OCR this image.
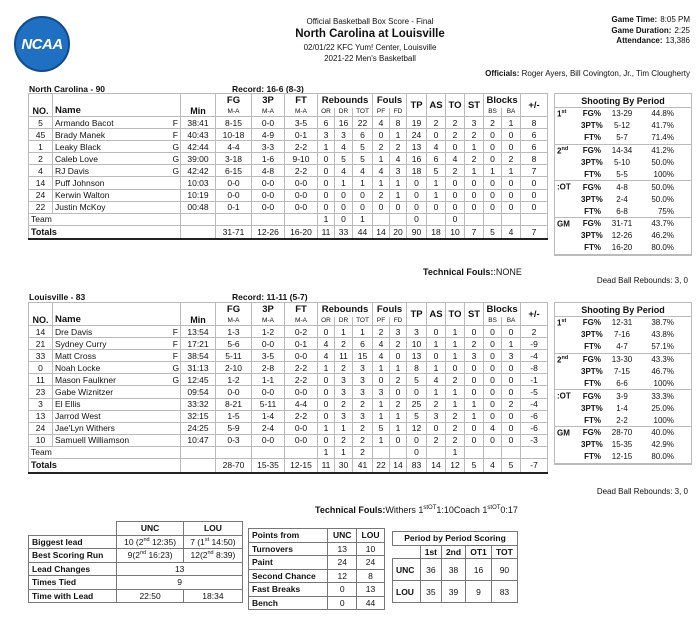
NCAA
Official Basketball Box Score - Final
North Carolina at Louisville
02/01/22 KFC Yum! Center, Louisville
2021-22 Men's Basketball
Game Time: 8:05 PM
Game Duration: 2:25
Attendance: 13,386
Officials: Roger Ayers, Bill Covington, Jr., Tim Clougherty
North Carolina - 90	Record: 16-6 (8-3)
NO.	Name		Min	FG	3P	FT	Rebounds			Fouls		TP	AS	TO	ST	Blocks		+/-
				M-A	M-A	M-A	OR	DR	TOT	PF	FD					BS	BA	
5	Armando Bacot	F	38:41	8-15	0-0	3-5	6	16	22	4	8	19	2	2	3	2	1	8
45	Brady Manek	F	40:43	10-18	4-9	0-1	3	3	6	0	1	24	0	2	2	0	0	6
1	Leaky Black	G	42:44	4-4	3-3	2-2	1	4	5	2	2	13	4	0	1	0	0	6
2	Caleb Love	G	39:00	3-18	1-6	9-10	0	5	5	1	4	16	6	4	2	0	2	8
4	RJ Davis	G	42:42	6-15	4-8	2-2	0	4	4	4	3	18	5	2	1	1	1	7
14	Puff Johnson		10:03	0-0	0-0	0-0	0	1	1	1	1	0	1	0	0	0	0	0
24	Kerwin Walton		10:19	0-0	0-0	0-0	0	0	0	2	1	0	1	0	0	0	0	0
22	Justin McKoy		00:48	0-1	0-0	0-0	0	0	0	0	0	0	0	0	0	0	0	0
Team							1	0	1			0		0				
Totals				31-71	12-26	16-20	11	33	44	14	20	90	18	10	7	5	4	7
Shooting By Period
1st	FG%	13-29	44.8%
3PT%	5-12	41.7%
FT%	5-7	71.4%
2nd	FG%	14-34	41.2%
3PT%	5-10	50.0%
FT%	5-5	100%
:OT	FG%	4-8	50.0%
3PT%	2-4	50.0%
FT%	6-8	75%
GM	FG%	31-71	43.7%
3PT%	12-26	46.2%
FT%	16-20	80.0%
Dead Ball Rebounds: 3, 0
Technical Fouls::NONE
Louisville - 83	Record: 11-11 (5-7)
NO.	Name		Min	FG	3P	FT	Rebounds			Fouls		TP	AS	TO	ST	Blocks		+/-
				M-A	M-A	M-A	OR	DR	TOT	PF	FD					BS	BA	
14	Dre Davis	F	13:54	1-3	1-2	0-2	0	1	1	2	3	3	0	1	0	0	0	2
21	Sydney Curry	F	17:21	5-6	0-0	0-1	4	2	6	4	2	10	1	1	2	0	1	-9
33	Matt Cross	F	38:54	5-11	3-5	0-0	4	11	15	4	0	13	0	1	3	0	3	-4
0	Noah Locke	G	31:13	2-10	2-8	2-2	1	2	3	1	1	8	1	0	0	0	0	-8
11	Mason Faulkner	G	12:45	1-2	1-1	2-2	0	3	3	0	2	5	4	2	0	0	0	-1
23	Gabe Wiznitzer		09:54	0-0	0-0	0-0	0	3	3	3	0	0	1	1	0	0	0	-5
3	El Ellis		33:32	8-21	5-11	4-4	0	2	2	1	2	25	2	1	1	0	2	-4
13	Jarrod West		32:15	1-5	1-4	2-2	0	3	3	1	1	5	3	2	1	0	0	-6
24	Jae'Lyn Withers		24:25	5-9	2-4	0-0	1	1	2	5	1	12	0	2	0	4	0	-6
10	Samuell Williamson		10:47	0-3	0-0	0-0	0	2	2	1	0	0	2	2	0	0	0	-3
Team							1	1	2			0		1				
Totals				28-70	15-35	12-15	11	30	41	22	14	83	14	12	5	4	5	-7
Shooting By Period
1st	FG%	12-31	38.7%
3PT%	7-16	43.8%
FT%	4-7	57.1%
2nd	FG%	13-30	43.3%
3PT%	7-15	46.7%
FT%	6-6	100%
:OT	FG%	3-9	33.3%
3PT%	1-4	25.0%
FT%	2-2	100%
GM	FG%	28-70	40.0%
3PT%	15-35	42.9%
FT%	12-15	80.0%
Dead Ball Rebounds: 3, 0
Technical Fouls:Withers $1^{stOT}1:10Coach$ $1^{stOT}0:17$
	UNC	LOU
Biggest lead	10 (2nd 12:35)	7 (1st 14:50)
Best Scoring Run	9(2nd 16:23)	12(2nd 8:39)
Lead Changes	13	
Times Tied	9	
Time with Lead	22:50	18:34
Points from	UNC	LOU
Turnovers	13	10
Paint	24	24
Second Chance	12	8
Fast Breaks	0	13
Bench	0	44
Period by Period Scoring				
	1st	2nd	OT1	TOT
UNC	36	38	16	90
LOU	35	39	9	83
